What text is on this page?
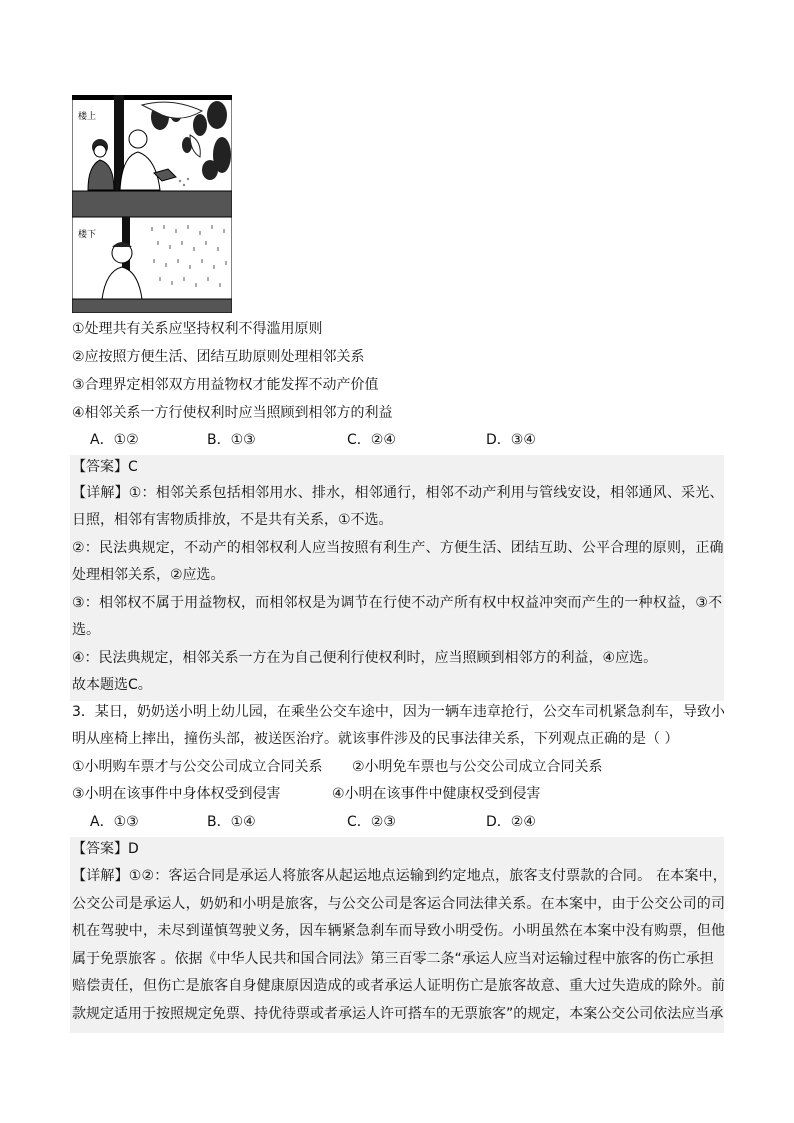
楼上
楼下
①处理共有关系应坚持权利不得滥用原则
②应按照方便生活、团结互助原则处理相邻关系
③合理界定相邻双方用益物权才能发挥不动产价值
④相邻关系一方行使权利时应当照顾到相邻方的利益
A．①②	B．①③	C．②④	D．③④
【答案】C
【详解】①：相邻关系包括相邻用水、排水，相邻通行，相邻不动产利用与管线安设，相邻通风、采光、
日照，相邻有害物质排放，不是共有关系，①不选。
②：民法典规定，不动产的相邻权利人应当按照有利生产、方便生活、团结互助、公平合理的原则，正确
处理相邻关系，②应选。
③：相邻权不属于用益物权，而相邻权是为调节在行使不动产所有权中权益冲突而产生的一种权益，③不
选。
④：民法典规定，相邻关系一方在为自己便利行使权利时，应当照顾到相邻方的利益，④应选。
故本题选C。
3．某日，奶奶送小明上幼儿园，在乘坐公交车途中，因为一辆车违章抢行，公交车司机紧急刹车，导致小
明从座椅上摔出，撞伤头部，被送医治疗。就该事件涉及的民事法律关系，下列观点正确的是（ ）
①小明购车票才与公交公司成立合同关系 ②小明免车票也与公交公司成立合同关系
③小明在该事件中身体权受到侵害	④小明在该事件中健康权受到侵害
A．①③	B．①④	C．②③	D．②④
【答案】D
【详解】①②：客运合同是承运人将旅客从起运地点运输到约定地点，旅客支付票款的合同。 在本案中，
公交公司是承运人，奶奶和小明是旅客，与公交公司是客运合同法律关系。在本案中，由于公交公司的司
机在驾驶中，未尽到谨慎驾驶义务，因车辆紧急刹车而导致小明受伤。小明虽然在本案中没有购票，但他
属于免票旅客 。依据《中华人民共和国合同法》第三百零二条“承运人应当对运输过程中旅客的伤亡承担
赔偿责任，但伤亡是旅客自身健康原因造成的或者承运人证明伤亡是旅客故意、重大过失造成的除外。前
款规定适用于按照规定免票、持优待票或者承运人许可搭车的无票旅客”的规定，本案公交公司依法应当承
